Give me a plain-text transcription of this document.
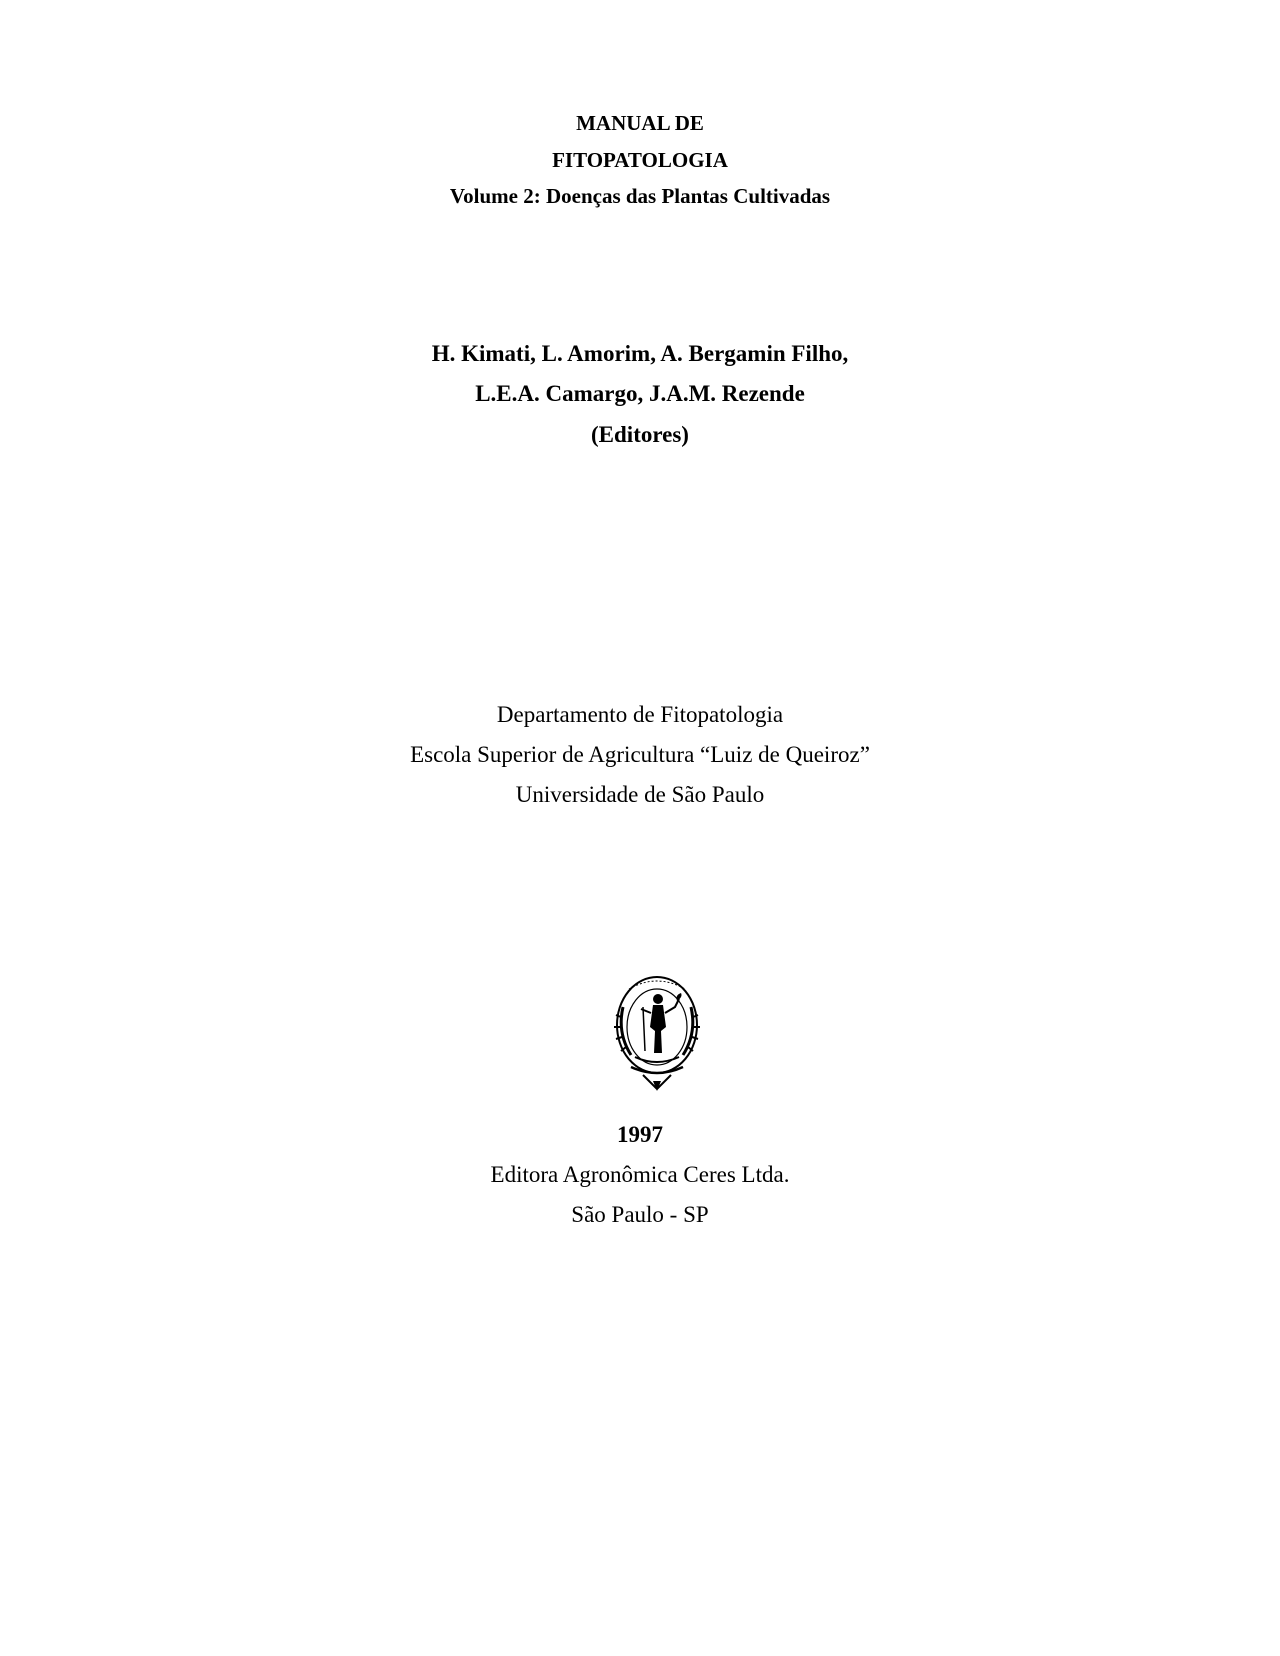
MANUAL DE

FITOPATOLOGIA

Volume 2: Doenças das Plantas Cultivadas

H. Kimati, L. Amorim, A. Bergamin Filho,

L.E.A. Camargo, J.A.M. Rezende

(Editores)

Departamento de Fitopatologia

Escola Superior de Agricultura “Luiz de Queiroz”

Universidade de São Paulo

1997

Editora Agronômica Ceres Ltda.

São Paulo - SP
